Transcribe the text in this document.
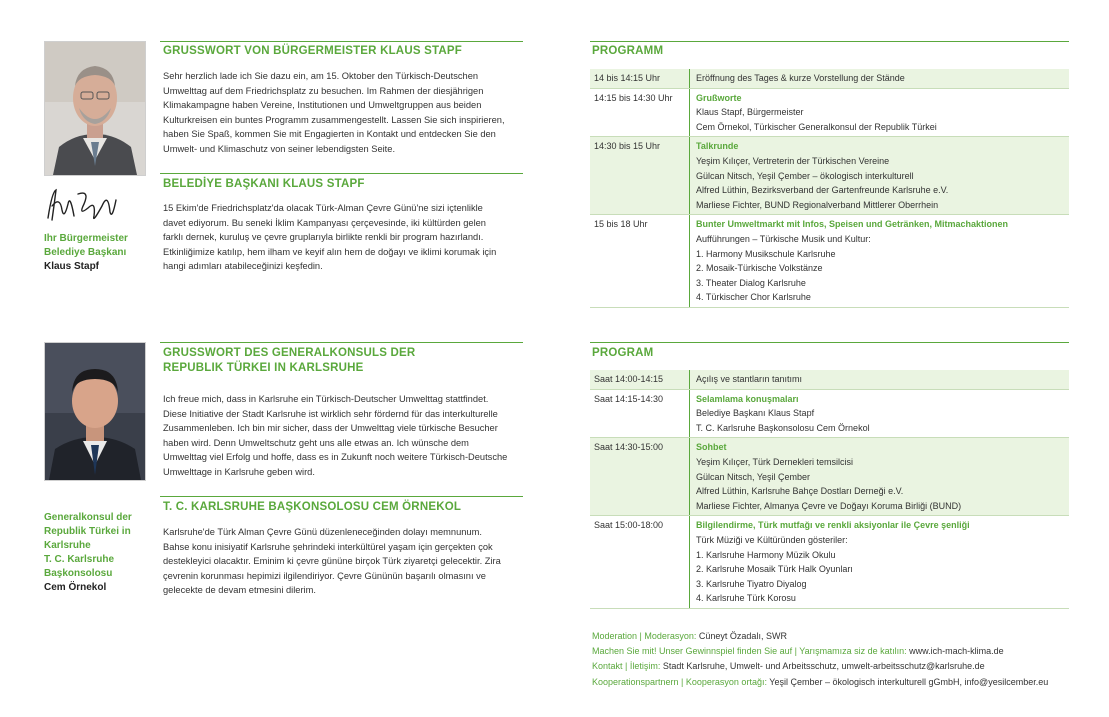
Ihr Bürgermeister
Belediye Başkanı
Klaus Stapf
GRUSSWORT VON BÜRGERMEISTER KLAUS STAPF

Sehr herzlich lade ich Sie dazu ein, am 15. Oktober den Türkisch-Deutschen

Umwelttag auf dem Friedrichsplatz zu besuchen. Im Rahmen der diesjährigen

Klimakampagne haben Vereine, Institutionen und Umweltgruppen aus beiden

Kulturkreisen ein buntes Programm zusammengestellt. Lassen Sie sich inspirieren,

haben Sie Spaß, kommen Sie mit Engagierten in Kontakt und entdecken Sie den

Umwelt- und Klimaschutz von seiner lebendigsten Seite.

BELEDİYE BAŞKANI KLAUS STAPF

15 Ekim'de Friedrichsplatz'da olacak Türk-Alman Çevre Günü'ne sizi içtenlikle

davet ediyorum. Bu seneki İklim Kampanyası çerçevesinde, iki kültürden gelen

farklı dernek, kuruluş ve çevre gruplarıyla birlikte renkli bir program hazırlandı.

Etkinliğimize katılıp, hem ilham ve keyif alın hem de doğayı ve iklimi korumak için

hangi adımları atabileceğinizi keşfedin.

Generalkonsul der
Republik Türkei in
Karlsruhe
T. C. Karlsruhe
Başkonsolosu
Cem Örnekol
GRUSSWORT DES GENERALKONSULS DER
REPUBLIK TÜRKEI IN KARLSRUHE

Ich freue mich, dass in Karlsruhe ein Türkisch-Deutscher Umwelttag stattfindet.

Diese Initiative der Stadt Karlsruhe ist wirklich sehr fördernd für das interkulturelle

Zusammenleben. Ich bin mir sicher, dass der Umwelttag viele türkische Besucher

haben wird. Denn Umweltschutz geht uns alle etwas an. Ich wünsche dem

Umwelttag viel Erfolg und hoffe, dass es in Zukunft noch weitere Türkisch-Deutsche

Umwelttage in Karlsruhe geben wird.

T. C. KARLSRUHE BAŞKONSOLOSU CEM ÖRNEKOL

Karlsruhe'de Türk Alman Çevre Günü düzenleneceğinden dolayı memnunum.

Bahse konu inisiyatif Karlsruhe şehrindeki interkültürel yaşam için gerçekten çok

destekleyici olacaktır. Eminim ki çevre gününe birçok Türk ziyaretçi gelecektir. Zira

çevrenin korunması hepimizi ilgilendiriyor. Çevre Gününün başarılı olmasını ve

gelecekte de devam etmesini dilerim.

PROGRAMM
14 bis 14:15 Uhr	Eröffnung des Tages & kurze Vorstellung der Stände
14:15 bis 14:30 Uhr	Grußworte
Klaus Stapf, Bürgermeister
Cem Örnekol, Türkischer Generalkonsul der Republik Türkei
14:30 bis 15 Uhr	Talkrunde
Yeşim Kılıçer, Vertreterin der Türkischen Vereine
Gülcan Nitsch, Yeşil Çember – ökologisch interkulturell
Alfred Lüthin, Bezirksverband der Gartenfreunde Karlsruhe e.V.
Marliese Fichter, BUND Regionalverband Mittlerer Oberrhein
15 bis 18 Uhr	Bunter Umweltmarkt mit Infos, Speisen und Getränken, Mitmachaktionen
Aufführungen – Türkische Musik und Kultur:
1. Harmony Musikschule Karlsruhe
2. Mosaik-Türkische Volkstänze
3. Theater Dialog Karlsruhe
4. Türkischer Chor Karlsruhe
PROGRAM
Saat 14:00-14:15	Açılış ve stantların tanıtımı
Saat 14:15-14:30	Selamlama konuşmaları
Belediye Başkanı Klaus Stapf
T. C. Karlsruhe Başkonsolosu Cem Örnekol
Saat 14:30-15:00	Sohbet
Yeşim Kılıçer, Türk Dernekleri temsilcisi
Gülcan Nitsch, Yeşil Çember
Alfred Lüthin, Karlsruhe Bahçe Dostları Derneği e.V.
Marliese Fichter, Almanya Çevre ve Doğayı Koruma Birliği (BUND)
Saat 15:00-18:00	Bilgilendirme, Türk mutfağı ve renkli aksiyonlar ile Çevre şenliği
Türk Müziği ve Kültüründen gösteriler:
1. Karlsruhe Harmony Müzik Okulu
2. Karlsruhe Mosaik Türk Halk Oyunları
3. Karlsruhe Tiyatro Diyalog
4. Karlsruhe Türk Korosu
Moderation | Moderasyon: Cüneyt Özadalı, SWR
Machen Sie mit! Unser Gewinnspiel finden Sie auf | Yarışmamıza siz de katılın: www.ich-mach-klima.de
Kontakt | İletişim: Stadt Karlsruhe, Umwelt- und Arbeitsschutz, umwelt-arbeitsschutz@karlsruhe.de
Kooperationspartnern | Kooperasyon ortağı: Yeşil Çember – ökologisch interkulturell gGmbH, info@yesilcember.eu
